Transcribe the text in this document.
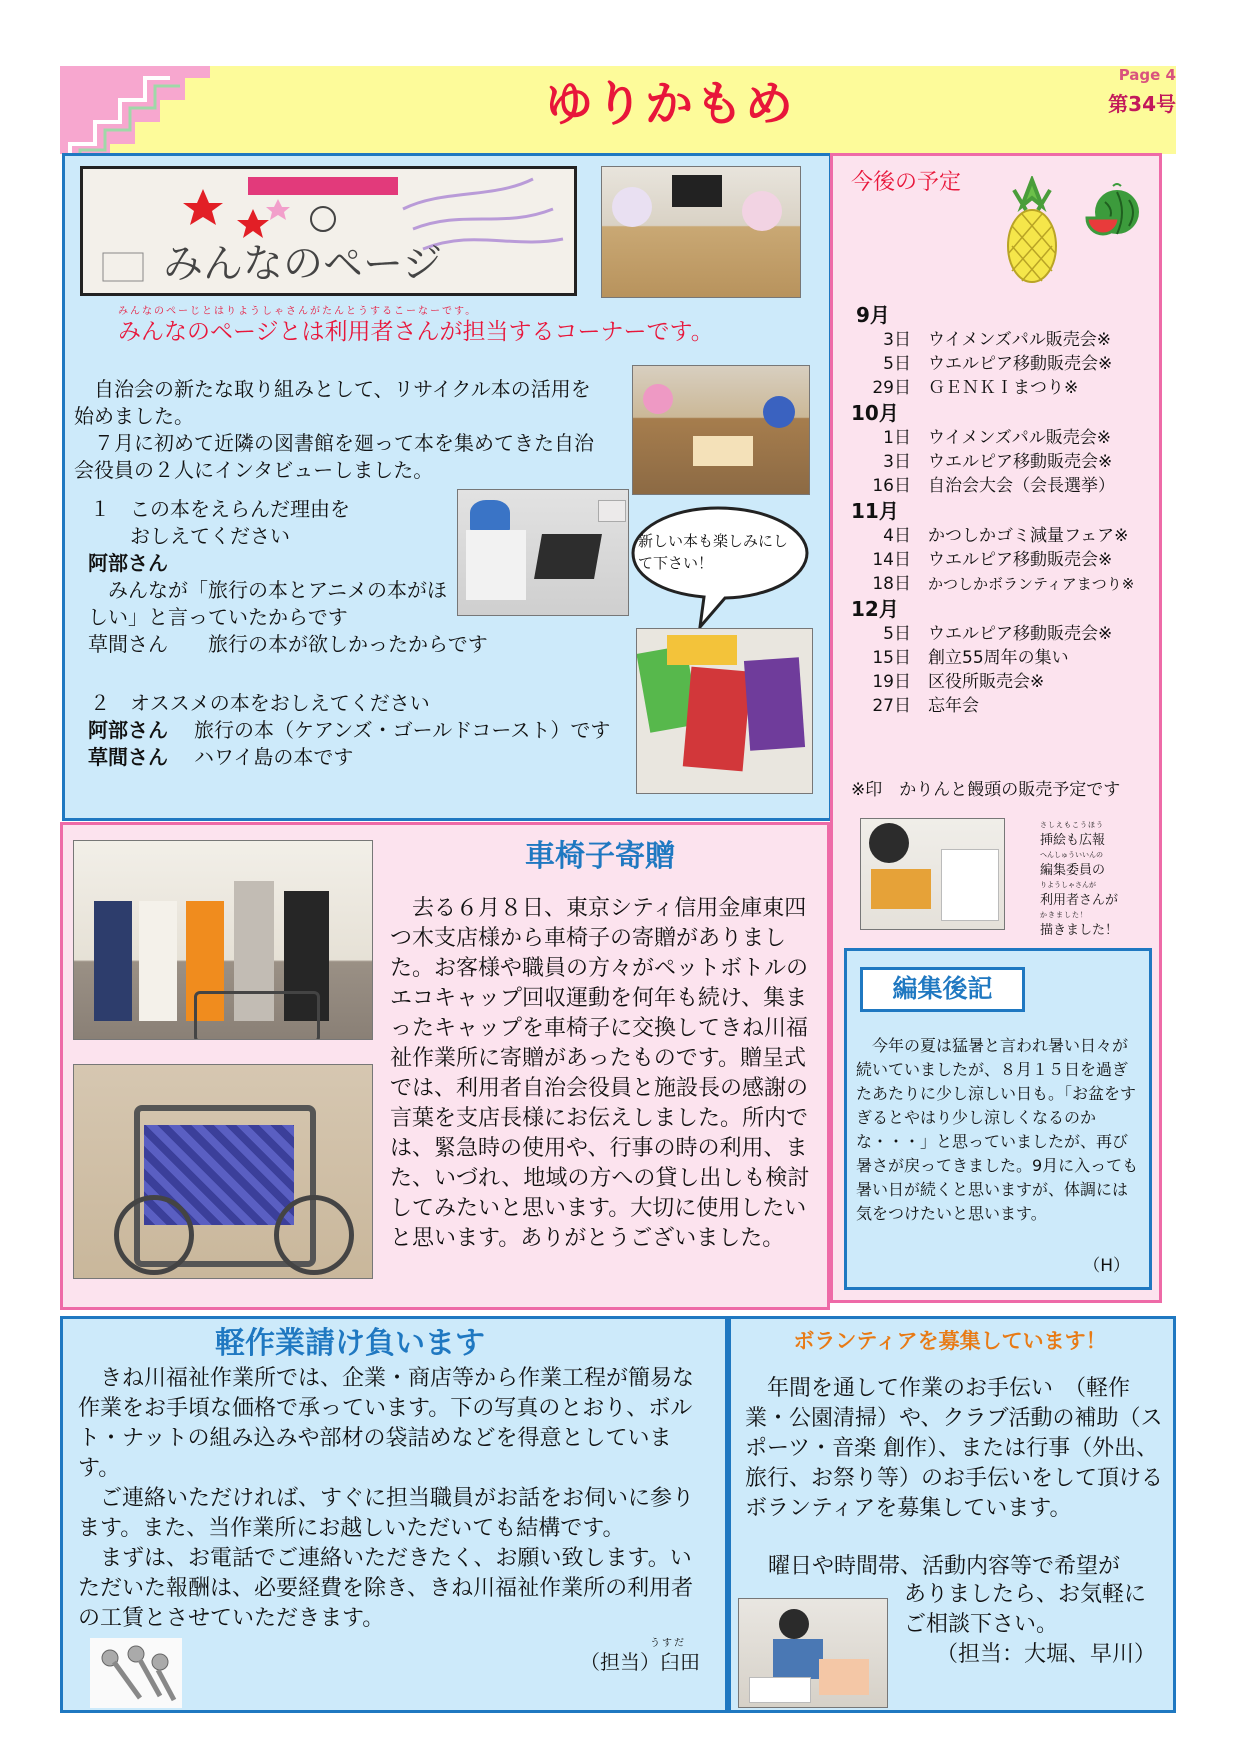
ゆりかもめ
Page 4
第34号
みんなのページ
みんなのぺーじとはりようしゃさんがたんとうするこーなーです。
みんなのページとは利用者さんが担当するコーナーです。

自治会の新たな取り組みとして、リサイクル本の活用を始めました。

７月に初めて近隣の図書館を廻って本を集めてきた自治会役員の２人にインタビューしました。

１　この本をえらんだ理由を
おしえてください
阿部さん
みんなが「旅行の本とアニメの本がほしい」と言っていたからです
草間さん　　旅行の本が欲しかったからです
新しい本も楽しみにして下さい！
２　オススメの本をおしえてください
阿部さん	旅行の本（ケアンズ・ゴールドコースト）です
草間さん	ハワイ島の本です
今後の予定
9月
3日　 ウイメンズパル販売会※
5日　 ウエルピア移動販売会※
29日　 ＧＥＮＫＩまつり※
10月
1日　 ウイメンズパル販売会※
3日　 ウエルピア移動販売会※
16日　 自治会大会（会長選挙）
11月
4日　 かつしかゴミ減量フェア※
14日　 ウエルピア移動販売会※
18日　 かつしかボランティアまつり※
12月
5日　 ウエルピア移動販売会※
15日　 創立55周年の集い
19日　 区役所販売会※
27日　 忘年会
※印　かりんと饅頭の販売予定です
さしえもこうほう
挿絵も広報
へんしゅういいんの
編集委員の
りようしゃさんが
利用者さんが
かきました！
描きました！
編集後記
今年の夏は猛暑と言われ暑い日々が続いていましたが、８月１５日を過ぎたあたりに少し涼しい日も。「お盆をすぎるとやはり少し涼しくなるのかな・・・」と思っていましたが、再び暑さが戻ってきました。9月に入っても暑い日が続くと思いますが、体調には気をつけたいと思います。
（H）
車椅子寄贈
去る６月８日、東京シティ信用金庫東四つ木支店様から車椅子の寄贈がありました。お客様や職員の方々がペットボトルのエコキャップ回収運動を何年も続け、集まったキャップを車椅子に交換してきね川福祉作業所に寄贈があったものです。贈呈式では、利用者自治会役員と施設長の感謝の言葉を支店長様にお伝えしました。所内では、緊急時の使用や、行事の時の利用、また、いづれ、地域の方への貸し出しも検討してみたいと思います。大切に使用したいと思います。ありがとうございました。
軽作業請け負います

きね川福祉作業所では、企業・商店等から作業工程が簡易な作業をお手頃な価格で承っています。下の写真のとおり、ボルト・ナットの組み込みや部材の袋詰めなどを得意としています。

ご連絡いただければ、すぐに担当職員がお話をお伺いに参ります。また、当作業所にお越しいただいても結構です。

まずは、お電話でご連絡いただきたく、お願い致します。いただいた報酬は、必要経費を除き、きね川福祉作業所の利用者の工賃とさせていただきます。

うすだ
（担当）臼田
ボランティアを募集しています！
年間を通して作業のお手伝い　（軽作業・公園清掃）や、クラブ活動の補助（スポーツ・音楽 創作）、または行事（外出、旅行、お祭り等）のお手伝いをして頂けるボランティアを募集しています。
曜日や時間帯、活動内容等で希望が
ありましたら、お気軽に
ご相談下さい。
（担当：大堀、早川）
